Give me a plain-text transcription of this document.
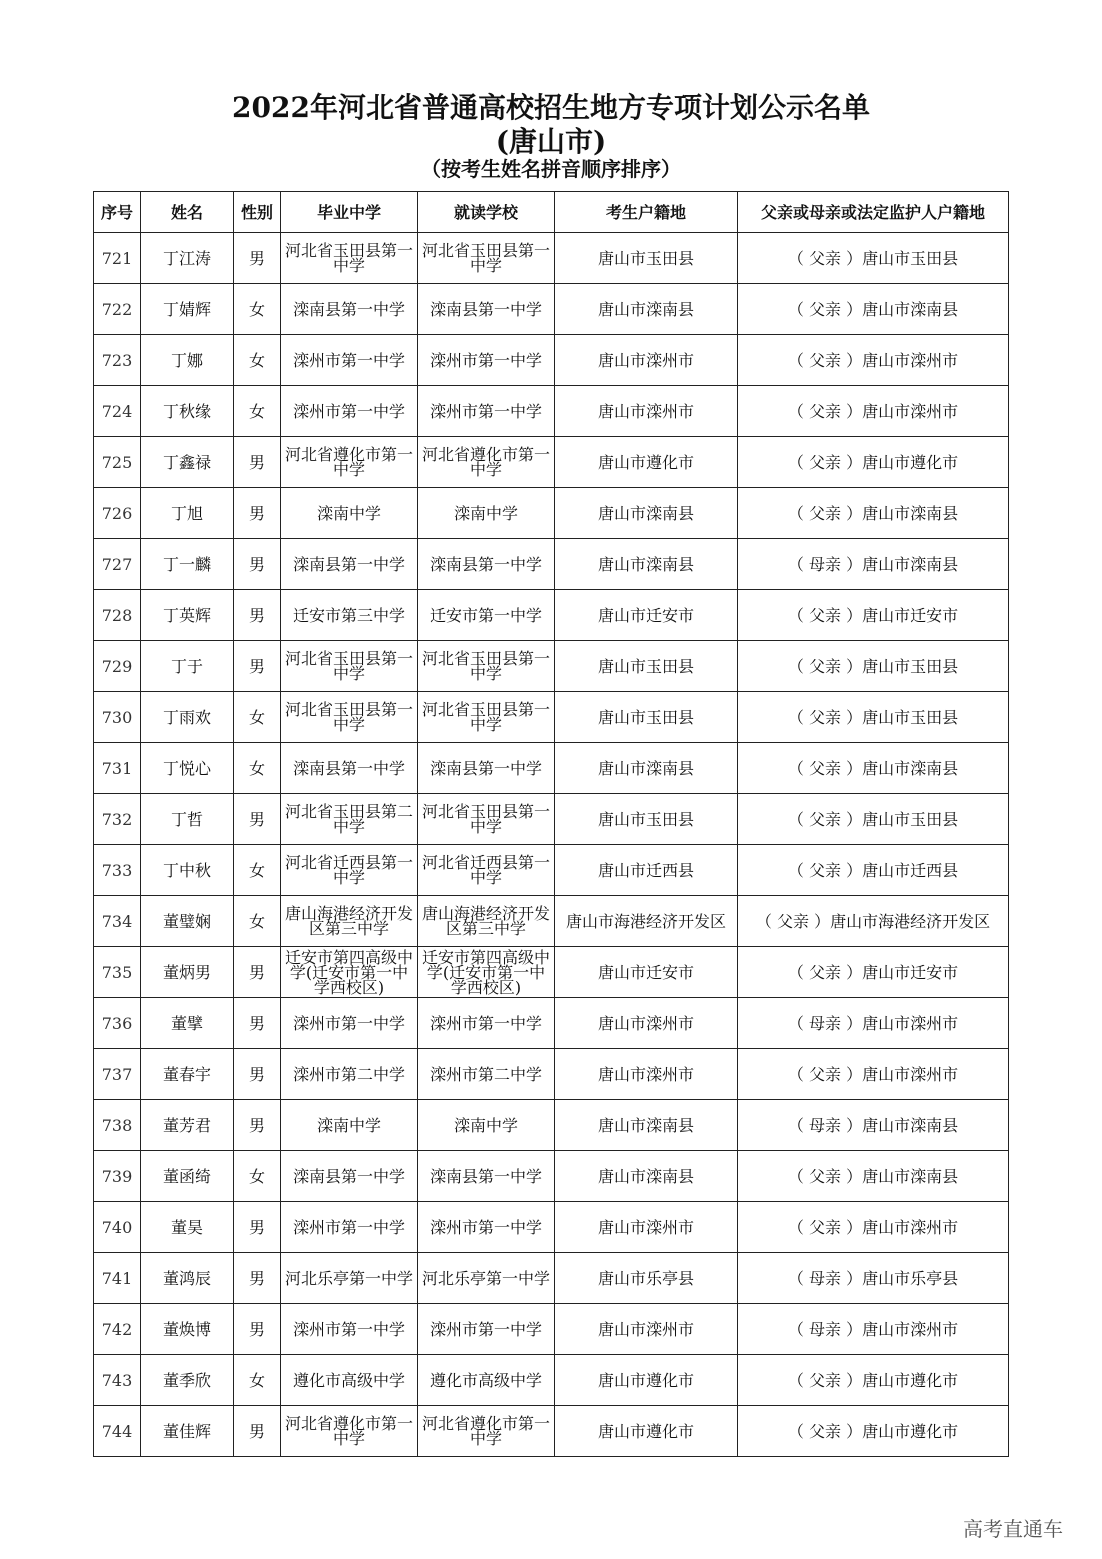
2022年河北省普通高校招生地方专项计划公示名单
(唐山市)
（按考生姓名拼音顺序排序）
序号	姓名	性别	毕业中学	就读学校	考生户籍地	父亲或母亲或法定监护人户籍地
721	丁江涛	男	河北省玉田县第一中学	河北省玉田县第一中学	唐山市玉田县	（ 父亲 ）唐山市玉田县
722	丁婧辉	女	滦南县第一中学	滦南县第一中学	唐山市滦南县	（ 父亲 ）唐山市滦南县
723	丁娜	女	滦州市第一中学	滦州市第一中学	唐山市滦州市	（ 父亲 ）唐山市滦州市
724	丁秋缘	女	滦州市第一中学	滦州市第一中学	唐山市滦州市	（ 父亲 ）唐山市滦州市
725	丁鑫禄	男	河北省遵化市第一中学	河北省遵化市第一中学	唐山市遵化市	（ 父亲 ）唐山市遵化市
726	丁旭	男	滦南中学	滦南中学	唐山市滦南县	（ 父亲 ）唐山市滦南县
727	丁一麟	男	滦南县第一中学	滦南县第一中学	唐山市滦南县	（ 母亲 ）唐山市滦南县
728	丁英辉	男	迁安市第三中学	迁安市第一中学	唐山市迁安市	（ 父亲 ）唐山市迁安市
729	丁于	男	河北省玉田县第一中学	河北省玉田县第一中学	唐山市玉田县	（ 父亲 ）唐山市玉田县
730	丁雨欢	女	河北省玉田县第一中学	河北省玉田县第一中学	唐山市玉田县	（ 父亲 ）唐山市玉田县
731	丁悦心	女	滦南县第一中学	滦南县第一中学	唐山市滦南县	（ 父亲 ）唐山市滦南县
732	丁哲	男	河北省玉田县第二中学	河北省玉田县第一中学	唐山市玉田县	（ 父亲 ）唐山市玉田县
733	丁中秋	女	河北省迁西县第一中学	河北省迁西县第一中学	唐山市迁西县	（ 父亲 ）唐山市迁西县
734	董璧娴	女	唐山海港经济开发区第三中学	唐山海港经济开发区第三中学	唐山市海港经济开发区	（ 父亲 ）唐山市海港经济开发区
735	董炳男	男	迁安市第四高级中学(迁安市第一中学西校区)	迁安市第四高级中学(迁安市第一中学西校区)	唐山市迁安市	（ 父亲 ）唐山市迁安市
736	董擘	男	滦州市第一中学	滦州市第一中学	唐山市滦州市	（ 母亲 ）唐山市滦州市
737	董春宇	男	滦州市第二中学	滦州市第二中学	唐山市滦州市	（ 父亲 ）唐山市滦州市
738	董芳君	男	滦南中学	滦南中学	唐山市滦南县	（ 母亲 ）唐山市滦南县
739	董函绮	女	滦南县第一中学	滦南县第一中学	唐山市滦南县	（ 父亲 ）唐山市滦南县
740	董昊	男	滦州市第一中学	滦州市第一中学	唐山市滦州市	（ 父亲 ）唐山市滦州市
741	董鸿辰	男	河北乐亭第一中学	河北乐亭第一中学	唐山市乐亭县	（ 母亲 ）唐山市乐亭县
742	董焕博	男	滦州市第一中学	滦州市第一中学	唐山市滦州市	（ 母亲 ）唐山市滦州市
743	董季欣	女	遵化市高级中学	遵化市高级中学	唐山市遵化市	（ 父亲 ）唐山市遵化市
744	董佳辉	男	河北省遵化市第一中学	河北省遵化市第一中学	唐山市遵化市	（ 父亲 ）唐山市遵化市
高考直通车
